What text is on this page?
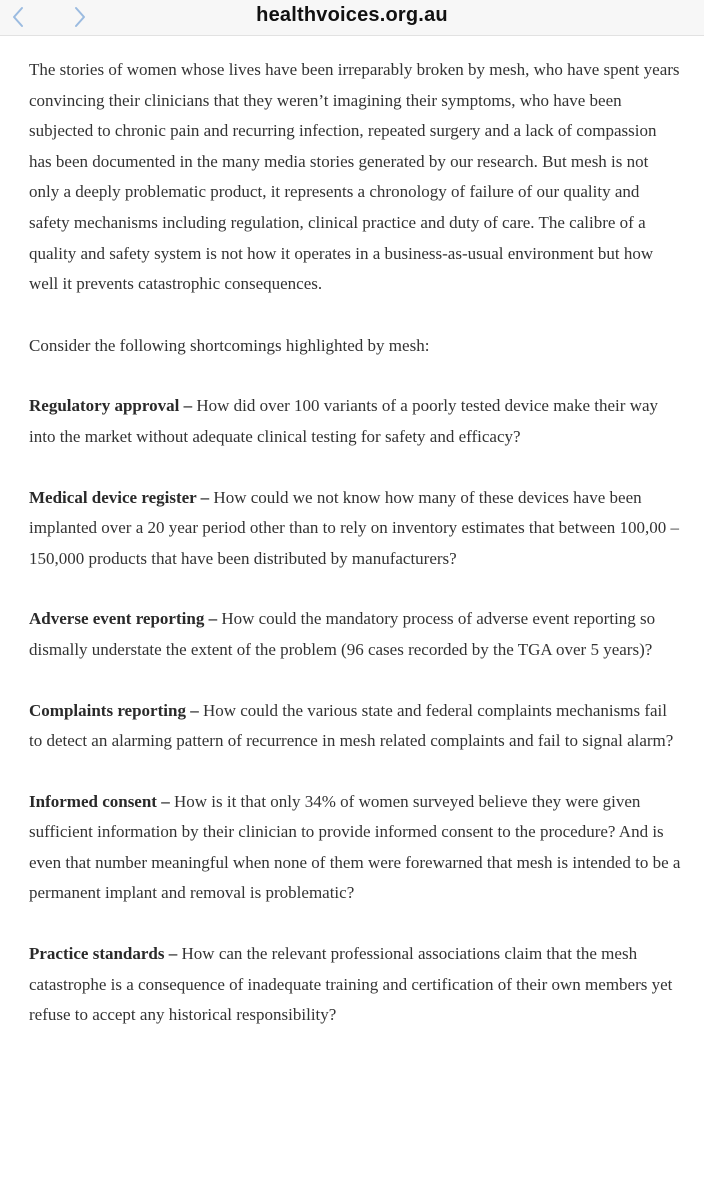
healthvoices.org.au

The stories of women whose lives have been irreparably broken by mesh, who have spent years convincing their clinicians that they weren’t imagining their symptoms, who have been subjected to chronic pain and recurring infection, repeated surgery and a lack of compassion has been documented in the many media stories generated by our research. But mesh is not only a deeply problematic product, it represents a chronology of failure of our quality and safety mechanisms including regulation, clinical practice and duty of care. The calibre of a quality and safety system is not how it operates in a business-as-usual environment but how well it prevents catastrophic consequences.

Consider the following shortcomings highlighted by mesh:

Regulatory approval – How did over 100 variants of a poorly tested device make their way into the market without adequate clinical testing for safety and efficacy?

Medical device register – How could we not know how many of these devices have been implanted over a 20 year period other than to rely on inventory estimates that between 100,00 – 150,000 products that have been distributed by manufacturers?

Adverse event reporting – How could the mandatory process of adverse event reporting so dismally understate the extent of the problem (96 cases recorded by the TGA over 5 years)?

Complaints reporting – How could the various state and federal complaints mechanisms fail to detect an alarming pattern of recurrence in mesh related complaints and fail to signal alarm?

Informed consent – How is it that only 34% of women surveyed believe they were given sufficient information by their clinician to provide informed consent to the procedure? And is even that number meaningful when none of them were forewarned that mesh is intended to be a permanent implant and removal is problematic?

Practice standards – How can the relevant professional associations claim that the mesh catastrophe is a consequence of inadequate training and certification of their own members yet refuse to accept any historical responsibility?
